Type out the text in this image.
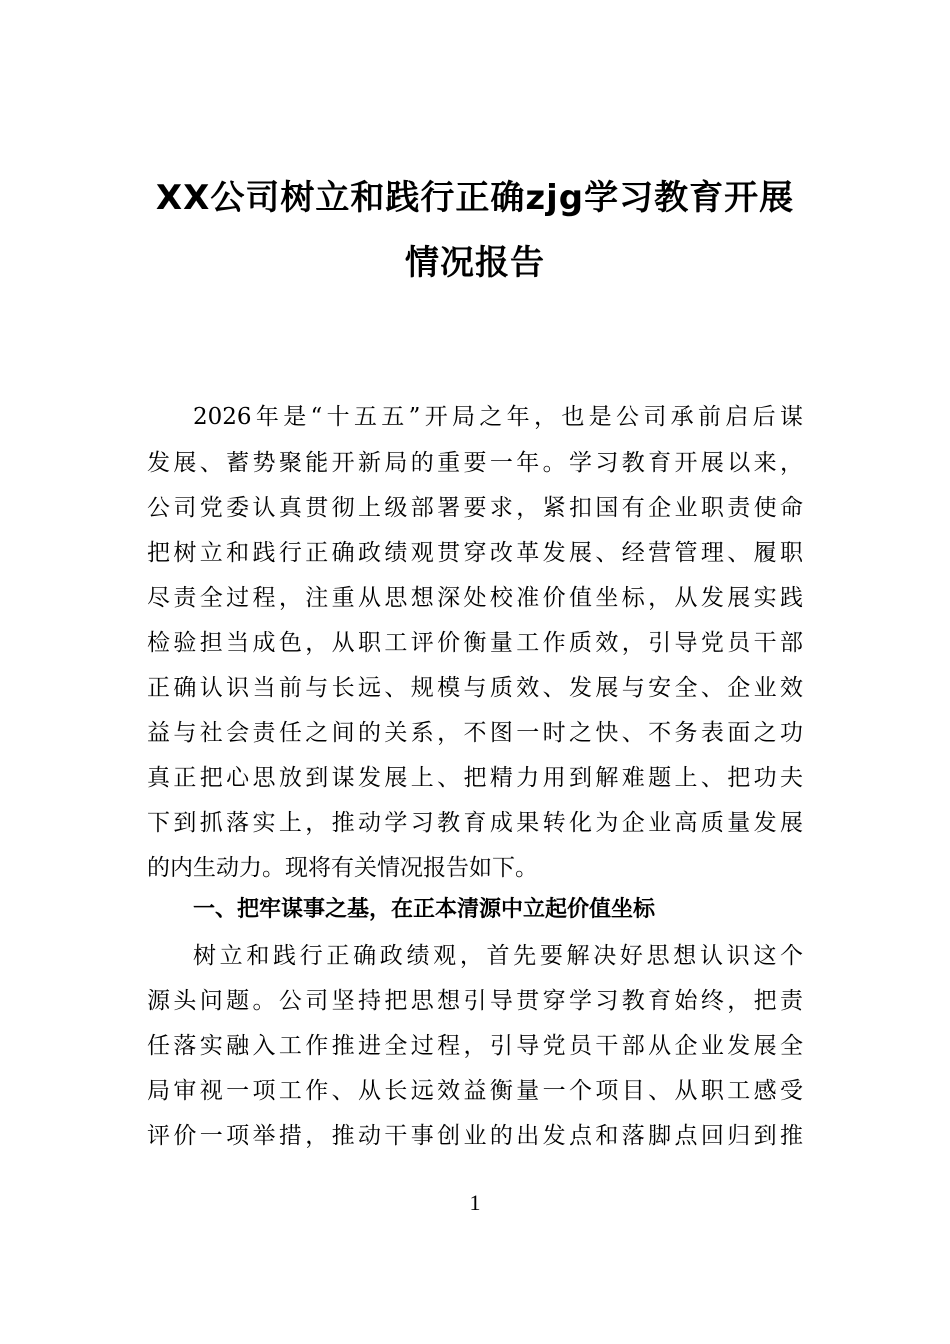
XX公司树立和践行正确zjg学习教育开展
情况报告
2026年是“十五五”开局之年，也是公司承前启后谋
发展、蓄势聚能开新局的重要一年。学习教育开展以来，
公司党委认真贯彻上级部署要求，紧扣国有企业职责使命
把树立和践行正确政绩观贯穿改革发展、经营管理、履职
尽责全过程，注重从思想深处校准价值坐标，从发展实践
检验担当成色，从职工评价衡量工作质效，引导党员干部
正确认识当前与长远、规模与质效、发展与安全、企业效
益与社会责任之间的关系，不图一时之快、不务表面之功
真正把心思放到谋发展上、把精力用到解难题上、把功夫
下到抓落实上，推动学习教育成果转化为企业高质量发展
的内生动力。现将有关情况报告如下。
一、把牢谋事之基，在正本清源中立起价值坐标
树立和践行正确政绩观，首先要解决好思想认识这个
源头问题。公司坚持把思想引导贯穿学习教育始终，把责
任落实融入工作推进全过程，引导党员干部从企业发展全
局审视一项工作、从长远效益衡量一个项目、从职工感受
评价一项举措，推动干事创业的出发点和落脚点回归到推
1
